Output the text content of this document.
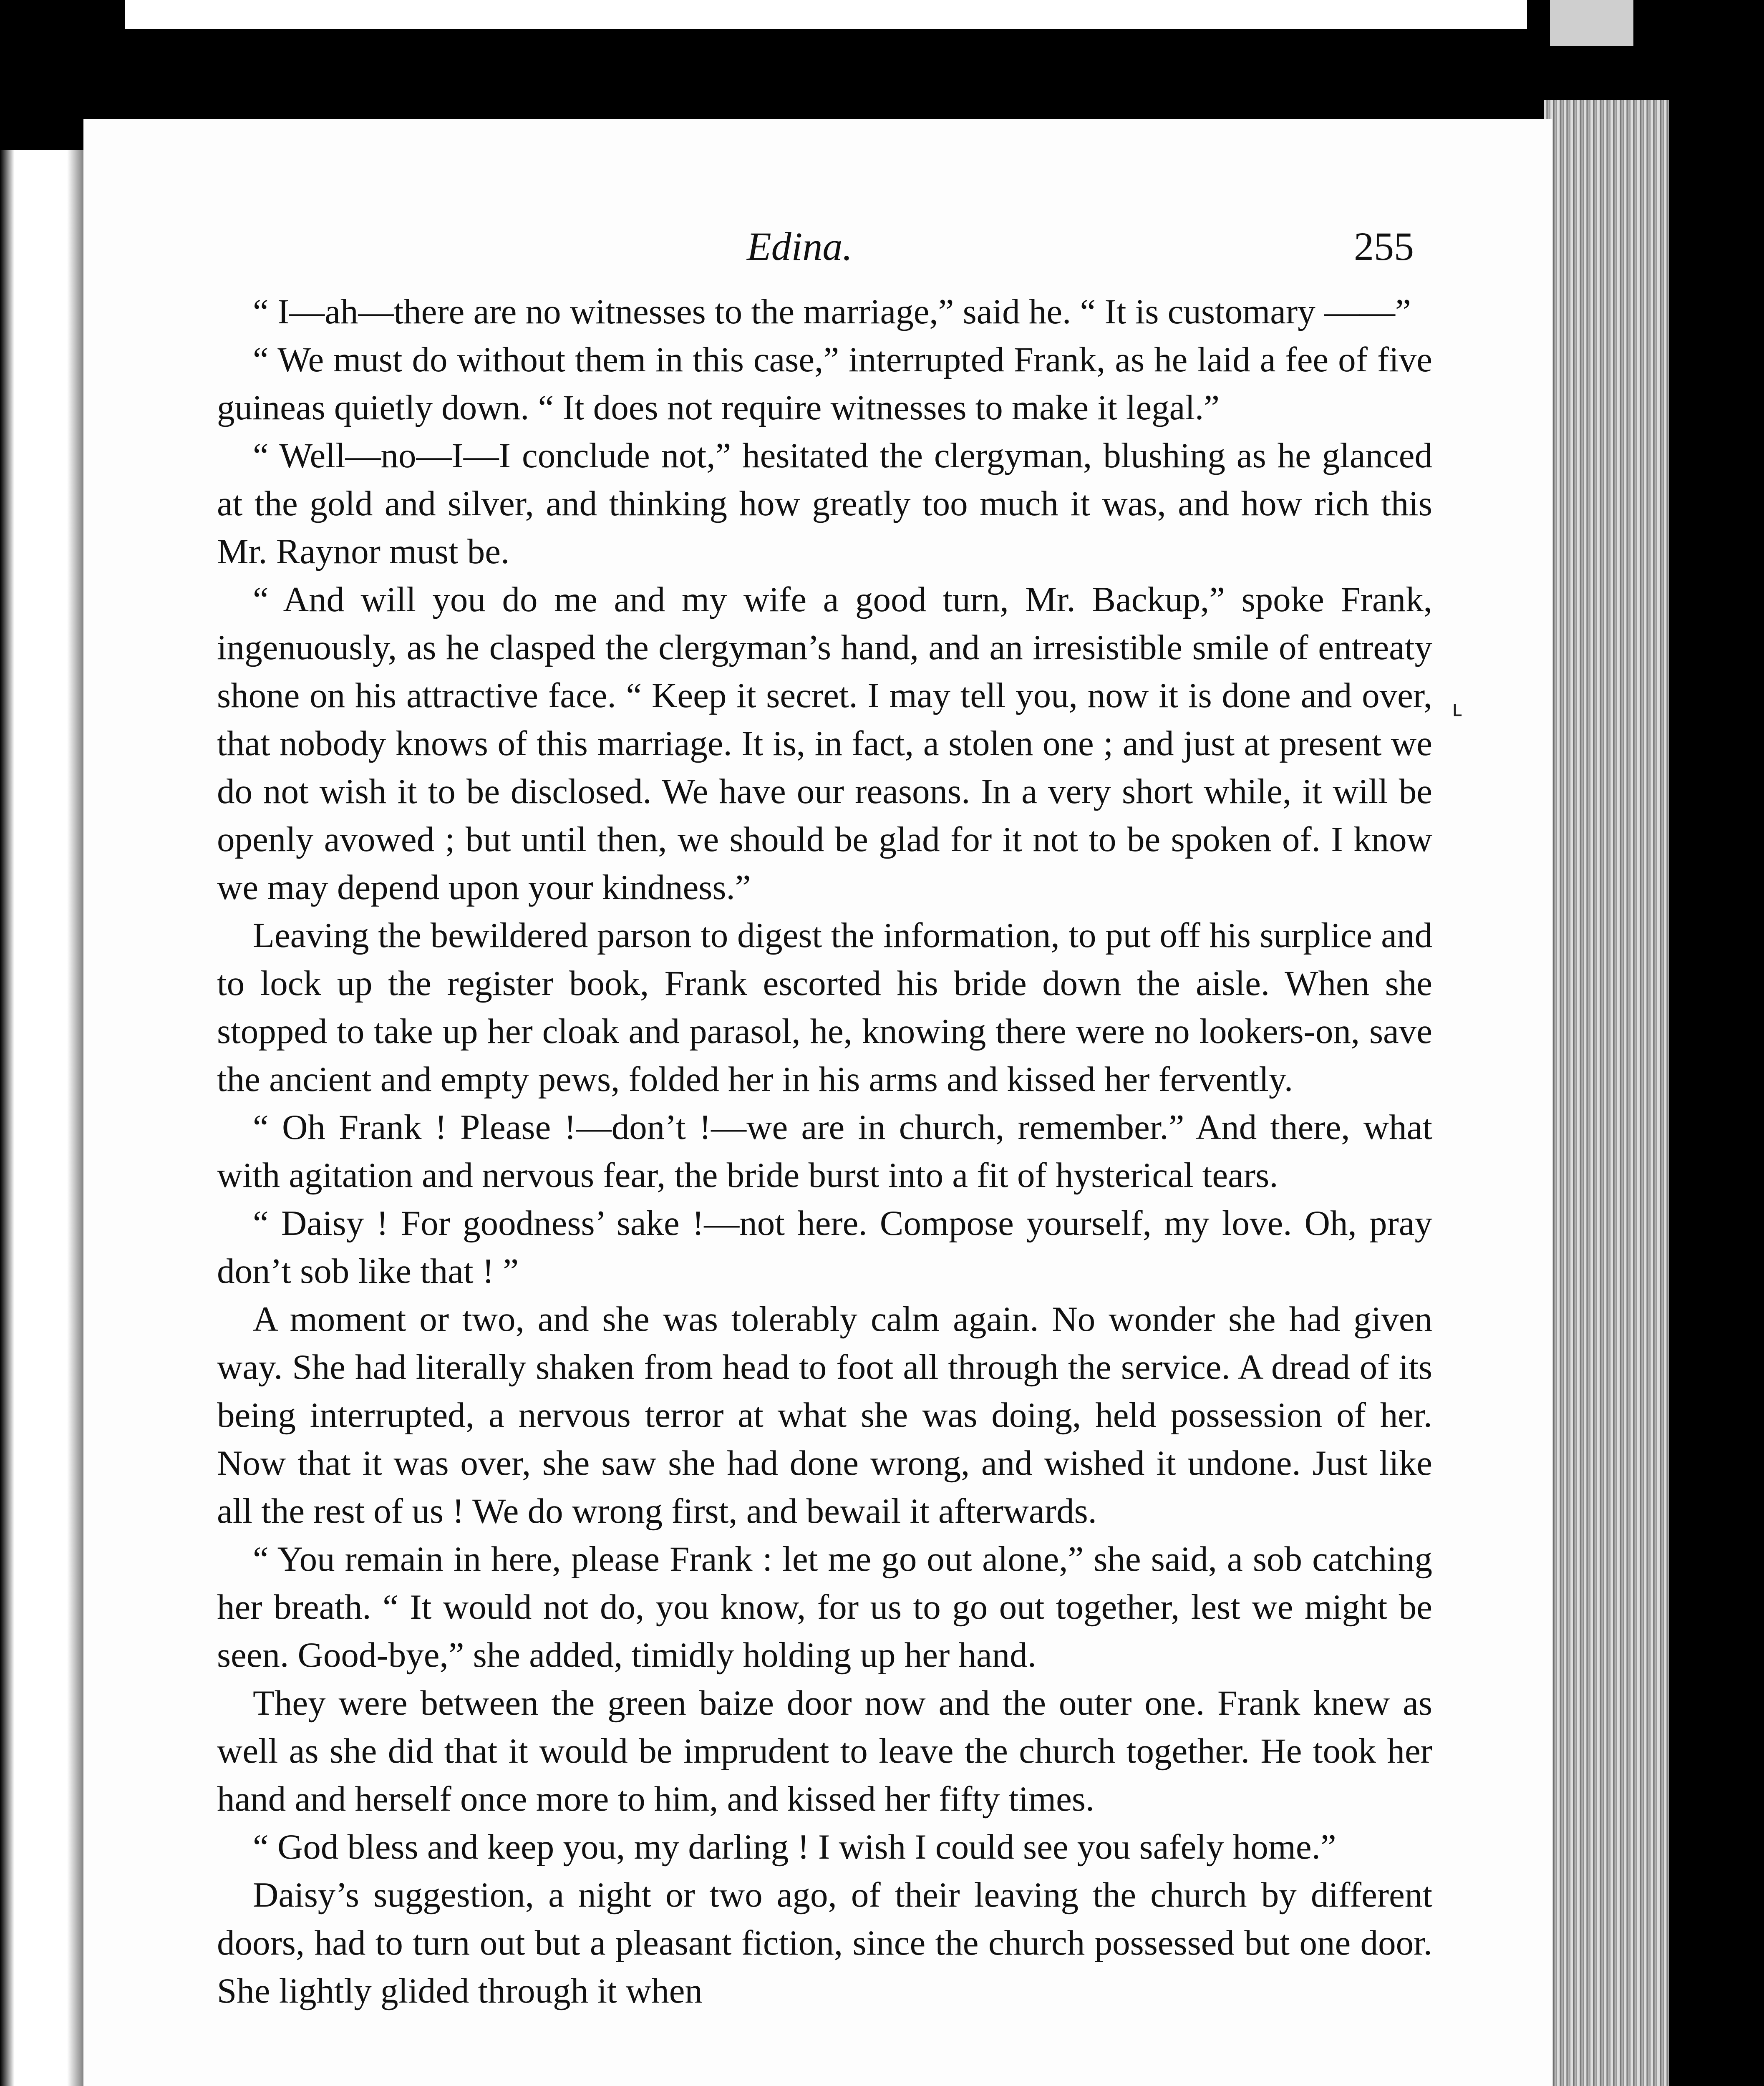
Edina.	255

“ I—ah—there are no witnesses to the marriage,” said he. “ It is customary ——”

“ We must do without them in this case,” interrupted Frank, as he laid a fee of five guineas quietly down. “ It does not require witnesses to make it legal.”

“ Well—no—I—I conclude not,” hesitated the clergyman, blushing as he glanced at the gold and silver, and thinking how greatly too much it was, and how rich this Mr. Raynor must be.

“ And will you do me and my wife a good turn, Mr. Backup,” spoke Frank, ingenuously, as he clasped the clergyman’s hand, and an irresistible smile of entreaty shone on his attractive face. “ Keep it secret. I may tell you, now it is done and over, that nobody knows of this marriage. It is, in fact, a stolen one ; and just at present we do not wish it to be disclosed. We have our reasons. In a very short while, it will be openly avowed ; but until then, we should be glad for it not to be spoken of. I know we may depend upon your kindness.”

Leaving the bewildered parson to digest the information, to put off his surplice and to lock up the register book, Frank escorted his bride down the aisle. When she stopped to take up her cloak and parasol, he, knowing there were no lookers-on, save the ancient and empty pews, folded her in his arms and kissed her fervently.

“ Oh Frank ! Please !—don’t !—we are in church, remember.” And there, what with agitation and nervous fear, the bride burst into a fit of hysterical tears.

“ Daisy ! For goodness’ sake !—not here. Compose yourself, my love. Oh, pray don’t sob like that ! ”

A moment or two, and she was tolerably calm again. No wonder she had given way. She had literally shaken from head to foot all through the service. A dread of its being interrupted, a nervous terror at what she was doing, held possession of her. Now that it was over, she saw she had done wrong, and wished it undone. Just like all the rest of us ! We do wrong first, and bewail it afterwards.

“ You remain in here, please Frank : let me go out alone,” she said, a sob catching her breath. “ It would not do, you know, for us to go out together, lest we might be seen. Good-bye,” she added, timidly holding up her hand.

They were between the green baize door now and the outer one. Frank knew as well as she did that it would be imprudent to leave the church together. He took her hand and herself once more to him, and kissed her fifty times.

“ God bless and keep you, my darling ! I wish I could see you safely home.”

Daisy’s suggestion, a night or two ago, of their leaving the church by different doors, had to turn out but a pleasant fiction, since the church possessed but one door. She lightly glided through it when

ᒻ
